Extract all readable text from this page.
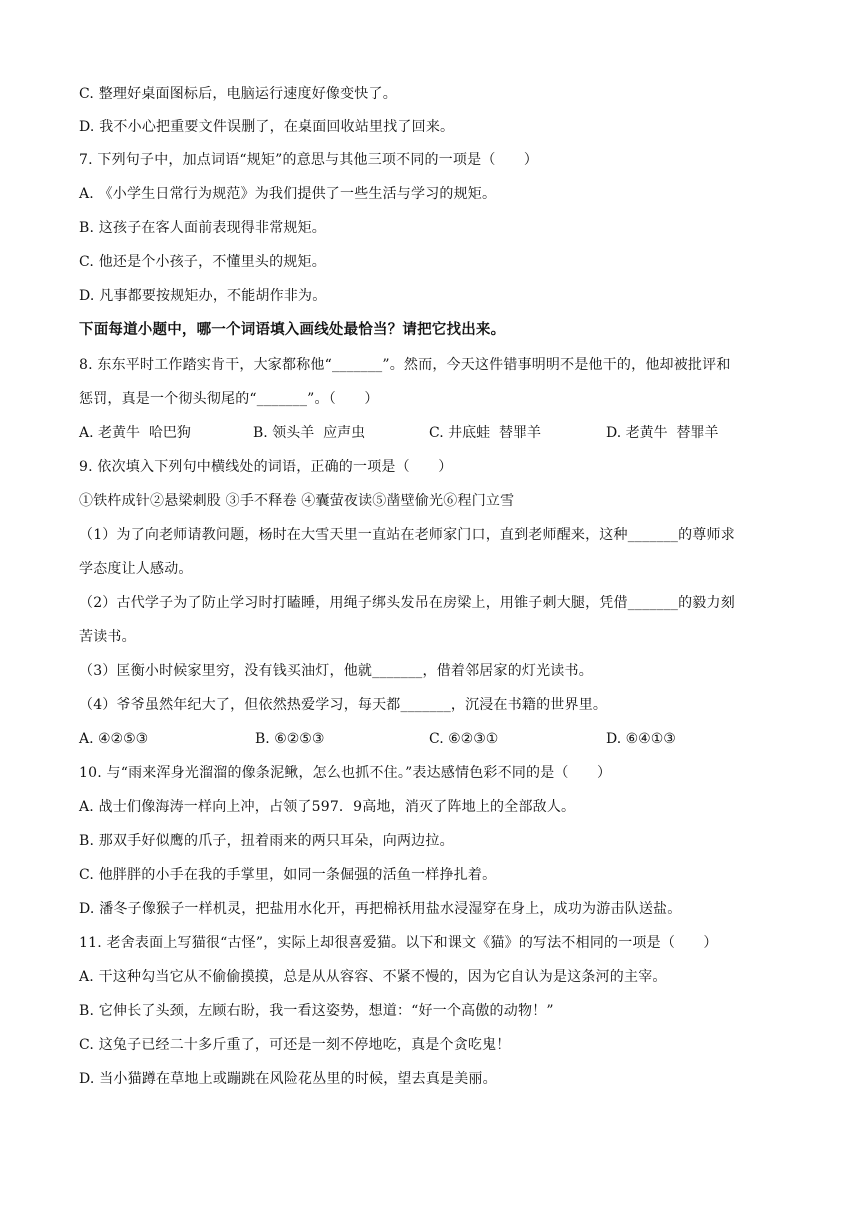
C. 整理好桌面图标后，电脑运行速度好像变快了。
D. 我不小心把重要文件误删了，在桌面回收站里找了回来。
7. 下列句子中，加点词语“规矩”的意思与其他三项不同的一项是（　　）
A. 《小学生日常行为规范》为我们提供了一些生活与学习的规矩。
B. 这孩子在客人面前表现得非常规矩。
C. 他还是个小孩子，不懂里头的规矩。
D. 凡事都要按规矩办，不能胡作非为。
下面每道小题中，哪一个词语填入画线处最恰当？请把它找出来。
8. 东东平时工作踏实肯干，大家都称他“_______”。然而，今天这件错事明明不是他干的，他却被批评和
惩罚，真是一个彻头彻尾的“_______”。（　　）

A. 老黄牛  哈巴狗

	B. 领头羊  应声虫

	C. 井底蛙  替罪羊

	D. 老黄牛  替罪羊

9. 依次填入下列句中横线处的词语，正确的一项是（　　）
①铁杵成针②悬梁刺股 ③手不释卷 ④囊萤夜读⑤凿壁偷光⑥程门立雪
（1）为了向老师请教问题，杨时在大雪天里一直站在老师家门口，直到老师醒来，这种_______的尊师求
学态度让人感动。
（2）古代学子为了防止学习时打瞌睡，用绳子绑头发吊在房梁上，用锥子刺大腿，凭借_______的毅力刻
苦读书。
（3）匡衡小时候家里穷，没有钱买油灯，他就_______，借着邻居家的灯光读书。
（4）爷爷虽然年纪大了，但依然热爱学习，每天都_______，沉浸在书籍的世界里。

A. ④②⑤③

	B. ⑥②⑤③

	C. ⑥②③①

	D. ⑥④①③

10. 与“雨来浑身光溜溜的像条泥鳅，怎么也抓不住。”表达感情色彩不同的是（　　）
A. 战士们像海涛一样向上冲，占领了597．9高地，消灭了阵地上的全部敌人。
B. 那双手好似鹰的爪子，扭着雨来的两只耳朵，向两边拉。
C. 他胖胖的小手在我的手掌里，如同一条倔强的活鱼一样挣扎着。
D. 潘冬子像猴子一样机灵，把盐用水化开，再把棉袄用盐水浸湿穿在身上，成功为游击队送盐。
11. 老舍表面上写猫很“古怪”，实际上却很喜爱猫。以下和课文《猫》的写法不相同的一项是（　　）
A. 干这种勾当它从不偷偷摸摸，总是从从容容、不紧不慢的，因为它自认为是这条河的主宰。
B. 它伸长了头颈，左顾右盼，我一看这姿势，想道：“好一个高傲的动物！”
C. 这兔子已经二十多斤重了，可还是一刻不停地吃，真是个贪吃鬼！
D. 当小猫蹲在草地上或蹦跳在风险花丛里的时候，望去真是美丽。
